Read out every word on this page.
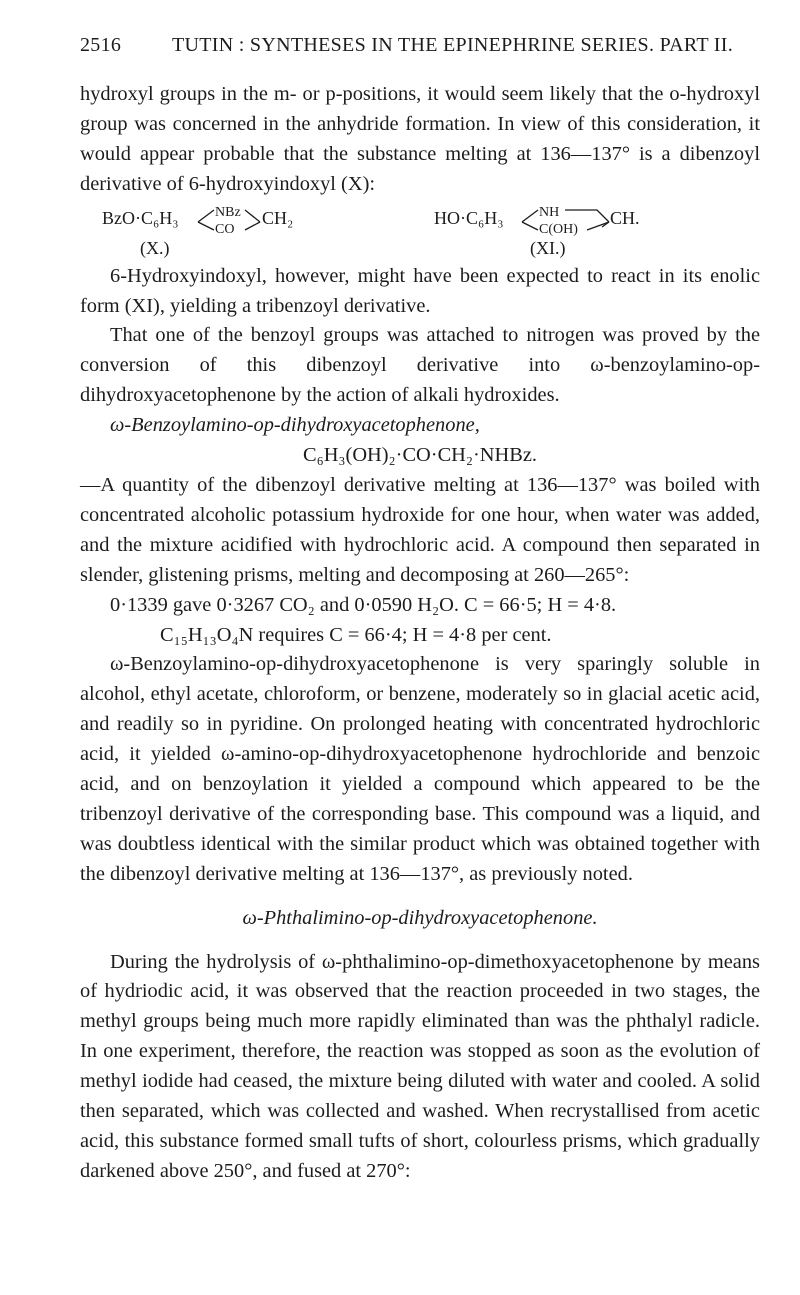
2516	TUTIN : SYNTHESES IN THE EPINEPHRINE SERIES. PART II.

hydroxyl groups in the m- or p-positions, it would seem likely that the o-hydroxyl group was concerned in the anhydride formation. In view of this consideration, it would appear probable that the substance melting at 136—137° is a dibenzoyl derivative of 6-hydroxyindoxyl (X):

BzO·C₆H₃	NBz
CO
CH₂
(X.)
HO·C₆H₃	NH
C(OH)
CH.
(XI.)

6-Hydroxyindoxyl, however, might have been expected to react in its enolic form (XI), yielding a tribenzoyl derivative.

That one of the benzoyl groups was attached to nitrogen was proved by the conversion of this dibenzoyl derivative into ω-benzoylamino-op-dihydroxyacetophenone by the action of alkali hydroxides.

ω-Benzoylamino-op-dihydroxyacetophenone,

C₆H₃(OH)₂·CO·CH₂·NHBz.

—A quantity of the dibenzoyl derivative melting at 136—137° was boiled with concentrated alcoholic potassium hydroxide for one hour, when water was added, and the mixture acidified with hydrochloric acid. A compound then separated in slender, glistening prisms, melting and decomposing at 260—265°:

0·1339 gave 0·3267 CO₂ and 0·0590 H₂O. C = 66·5; H = 4·8.

C₁₅H₁₃O₄N requires C = 66·4; H = 4·8 per cent.

ω-Benzoylamino-op-dihydroxyacetophenone is very sparingly soluble in alcohol, ethyl acetate, chloroform, or benzene, moderately so in glacial acetic acid, and readily so in pyridine. On prolonged heating with concentrated hydrochloric acid, it yielded ω-amino-op-dihydroxyacetophenone hydrochloride and benzoic acid, and on benzoylation it yielded a compound which appeared to be the tribenzoyl derivative of the corresponding base. This compound was a liquid, and was doubtless identical with the similar product which was obtained together with the dibenzoyl derivative melting at 136—137°, as previously noted.

ω-Phthalimino-op-dihydroxyacetophenone.

During the hydrolysis of ω-phthalimino-op-dimethoxyacetophenone by means of hydriodic acid, it was observed that the reaction proceeded in two stages, the methyl groups being much more rapidly eliminated than was the phthalyl radicle. In one experiment, therefore, the reaction was stopped as soon as the evolution of methyl iodide had ceased, the mixture being diluted with water and cooled. A solid then separated, which was collected and washed. When recrystallised from acetic acid, this substance formed small tufts of short, colourless prisms, which gradually darkened above 250°, and fused at 270°:
